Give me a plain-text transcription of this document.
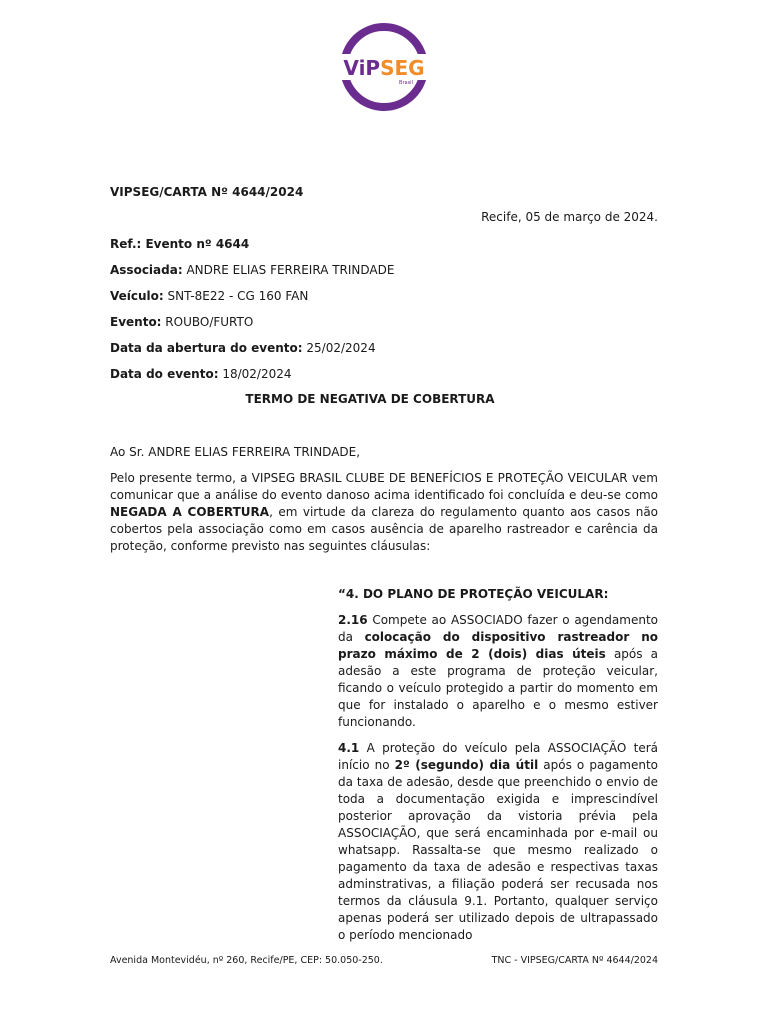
ViPSEG
Brasil

VIPSEG/CARTA Nº 4644/2024

Recife, 05 de março de 2024.

Ref.: Evento nº 4644

Associada: ANDRE ELIAS FERREIRA TRINDADE

Veículo: SNT-8E22 - CG 160 FAN

Evento: ROUBO/FURTO

Data da abertura do evento: 25/02/2024

Data do evento: 18/02/2024

TERMO DE NEGATIVA DE COBERTURA

Ao Sr. ANDRE ELIAS FERREIRA TRINDADE,

Pelo presente termo, a VIPSEG BRASIL CLUBE DE BENEFÍCIOS E PROTEÇÃO VEICULAR vem comunicar que a análise do evento danoso acima identificado foi concluída e deu-se como NEGADA A COBERTURA, em virtude da clareza do regulamento quanto aos casos não cobertos pela associação como em casos ausência de aparelho rastreador e carência da proteção, conforme previsto nas seguintes cláusulas:

“4. DO PLANO DE PROTEÇÃO VEICULAR:

2.16 Compete ao ASSOCIADO fazer o agendamento da colocação do dispositivo rastreador no prazo máximo de 2 (dois) dias úteis após a adesão a este programa de proteção veicular, ficando o veículo protegido a partir do momento em que for instalado o aparelho e o mesmo estiver funcionando.

4.1 A proteção do veículo pela ASSOCIAÇÃO terá início no 2º (segundo) dia útil após o pagamento da taxa de adesão, desde que preenchido o envio de toda a documentação exigida e imprescindível posterior aprovação da vistoria prévia pela ASSOCIAÇÃO, que será encaminhada por e-mail ou whatsapp. Rassalta-se que mesmo realizado o pagamento da taxa de adesão e respectivas taxas adminstrativas, a filiação poderá ser recusada nos termos da cláusula 9.1. Portanto, qualquer serviço apenas poderá ser utilizado depois de ultrapassado o período mencionado

Avenida Montevidéu, nº 260, Recife/PE, CEP: 50.050-250.	TNC - VIPSEG/CARTA Nº 4644/2024
